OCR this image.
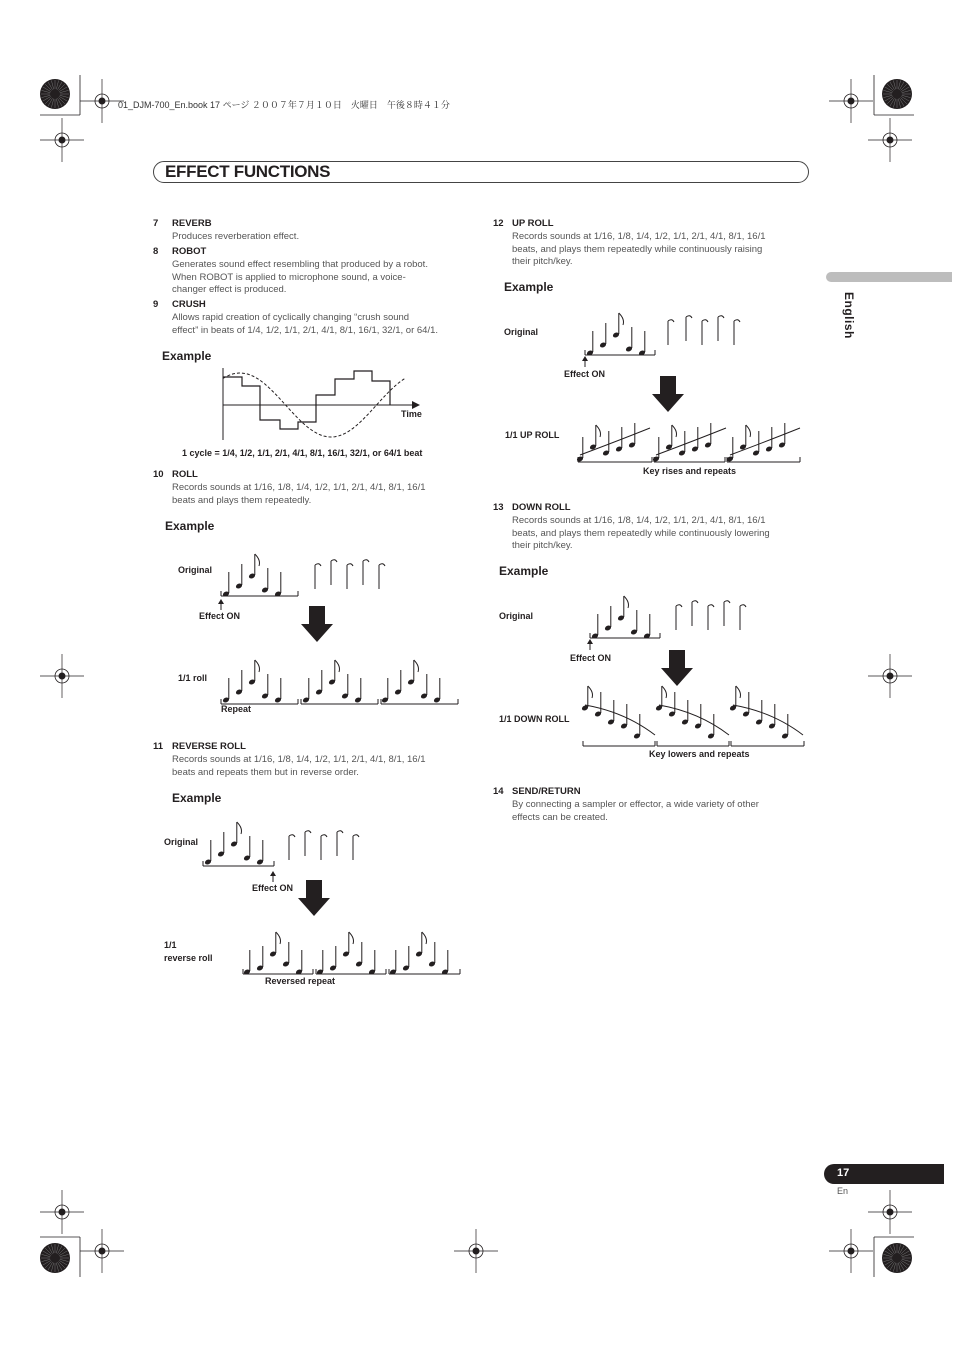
01_DJM-700_En.book 17 ページ ２００７年７月１０日　火曜日　午後８時４１分
EFFECT FUNCTIONS
English
7 REVERB
Produces reverberation effect.
8 ROBOT
Generates sound effect resembling that produced by a robot.
When ROBOT is applied to microphone sound, a voice-
changer effect is produced.
9 CRUSH
Allows rapid creation of cyclically changing “crush sound
effect” in beats of 1/4, 1/2, 1/1, 2/1, 4/1, 8/1, 16/1, 32/1, or 64/1.
Example
Time
1 cycle = 1/4, 1/2, 1/1, 2/1, 4/1, 8/1, 16/1, 32/1, or 64/1 beat
10 ROLL
Records sounds at 1/16, 1/8, 1/4, 1/2, 1/1, 2/1, 4/1, 8/1, 16/1
beats and plays them repeatedly.
Example
Original
Effect ON
1/1 roll
Repeat
11 REVERSE ROLL
Records sounds at 1/16, 1/8, 1/4, 1/2, 1/1, 2/1, 4/1, 8/1, 16/1
beats and repeats them but in reverse order.
Example
Original
Effect ON
1/1
reverse roll
Reversed repeat
12 UP ROLL
Records sounds at 1/16, 1/8, 1/4, 1/2, 1/1, 2/1, 4/1, 8/1, 16/1
beats, and plays them repeatedly while continuously raising
their pitch/key.
Example
Original
Effect ON
1/1 UP ROLL
Key rises and repeats
13 DOWN ROLL
Records sounds at 1/16, 1/8, 1/4, 1/2, 1/1, 2/1, 4/1, 8/1, 16/1
beats, and plays them repeatedly while continuously lowering
their pitch/key.
Example
Original
Effect ON
1/1 DOWN ROLL
Key lowers and repeats
14 SEND/RETURN
By connecting a sampler or effector, a wide variety of other
effects can be created.
17
En
